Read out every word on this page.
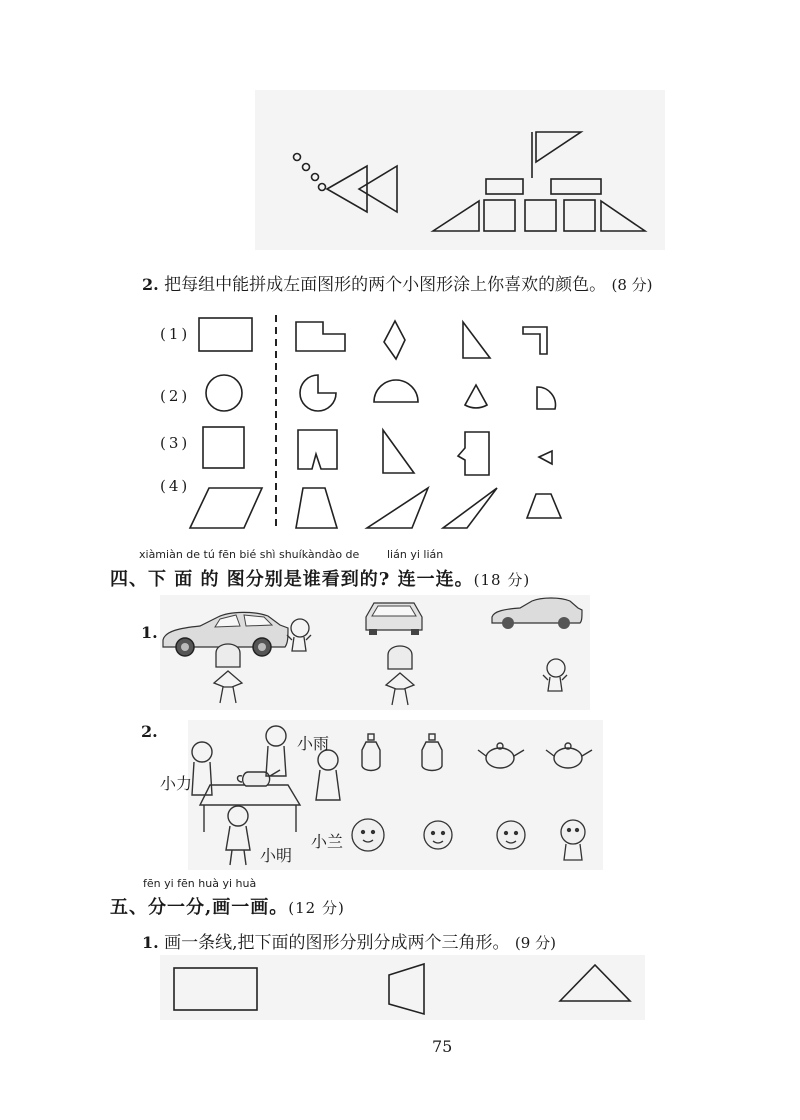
2. 把每组中能拼成左面图形的两个小图形涂上你喜欢的颜色。 (8 分)
(1)
(2)
(3)
(4)
xiàmiàn de tú fēn bié shì shuíkàndào de	lián yi lián
四、下 面 的 图分别是谁看到的? 连一连。(18 分)
1.
2.
小雨
小力
小兰
小明
fēn yi fēn huà yi huà
五、分一分,画一画。(12 分)
1. 画一条线,把下面的图形分别分成两个三角形。 (9 分)
75
